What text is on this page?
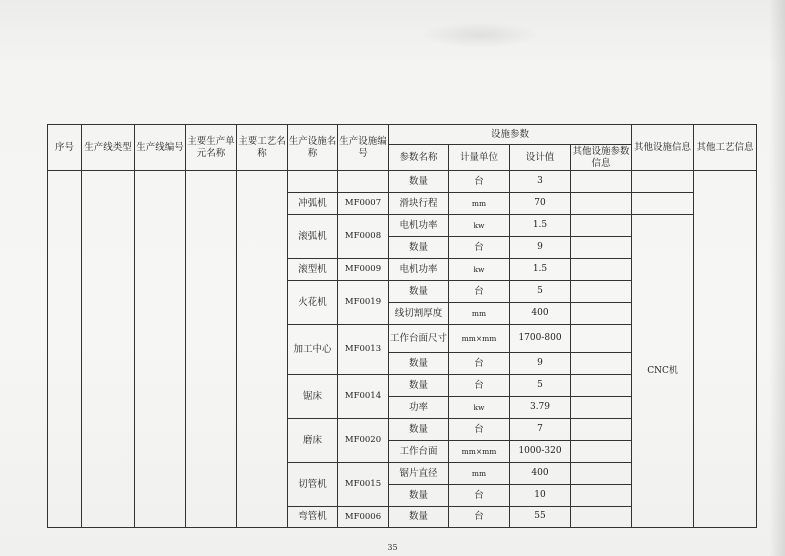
序号	生产线类型	生产线编号	主要生产单元名称	主要工艺名称	生产设施名称	生产设施编号	设施参数				其他设施信息	其他工艺信息
							参数名称	计量单位	设计值	其他设施参数信息		
							数量	台	3			
					冲弧机	MF0007	滑块行程	mm	70			
					滚弧机	MF0008	电机功率	kw	1.5		CNC机	
							数量	台	9			
					滚型机	MF0009	电机功率	kw	1.5			
					火花机	MF0019	数量	台	5			
							线切割厚度	mm	400			
					加工中心	MF0013	工作台面尺寸	mm×mm	1700-800			
							数量	台	9			
					锯床	MF0014	数量	台	5			
							功率	kw	3.79			
					磨床	MF0020	数量	台	7			
							工作台面	mm×mm	1000-320			
					切管机	MF0015	锯片直径	mm	400			
							数量	台	10			
					弯管机	MF0006	数量	台	55			
35
